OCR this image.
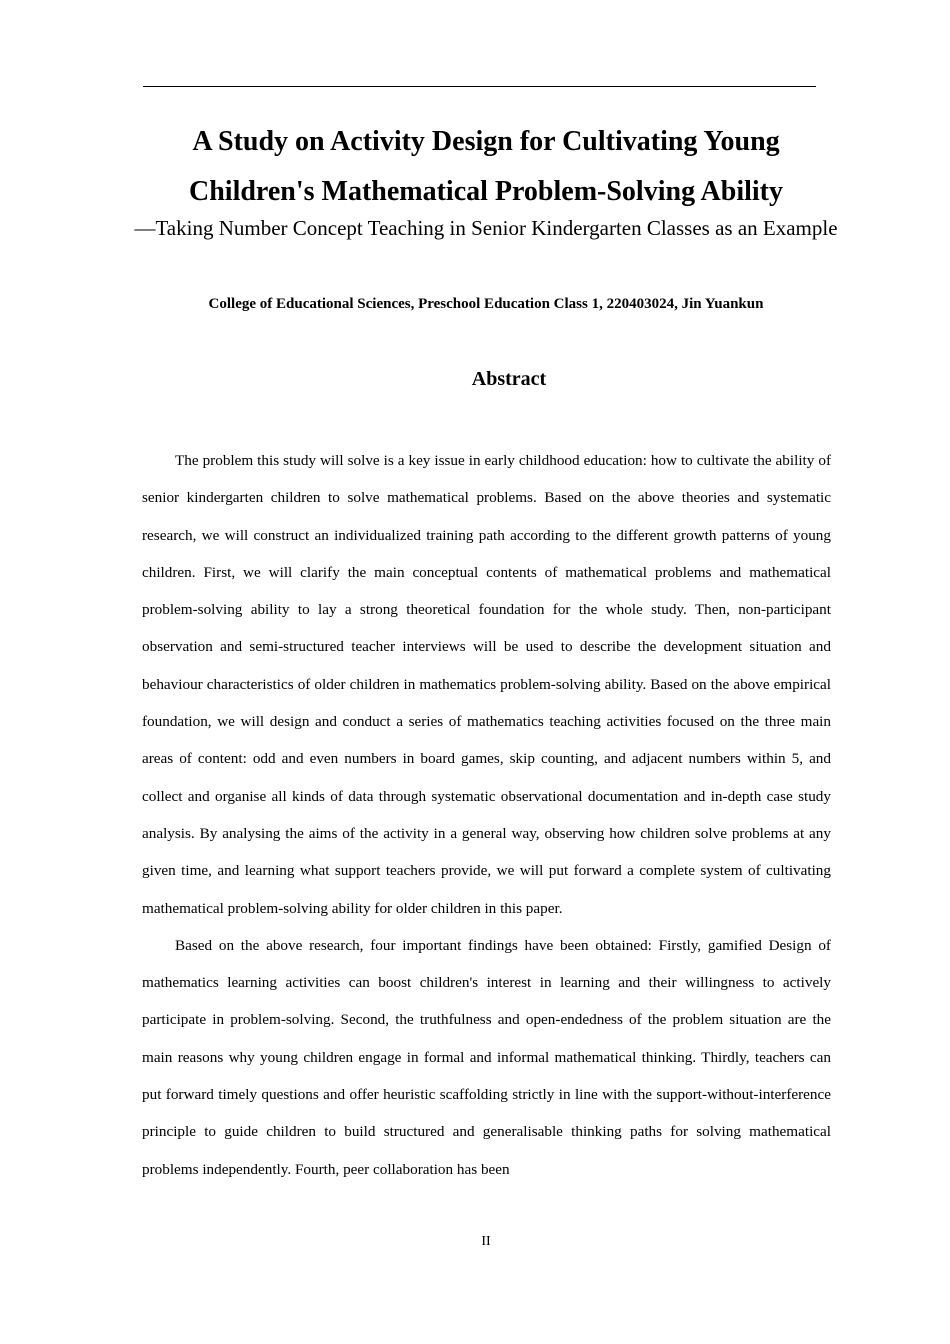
A Study on Activity Design for Cultivating Young Children's Mathematical Problem-Solving Ability

—Taking Number Concept Teaching in Senior Kindergarten Classes as an Example

College of Educational Sciences, Preschool Education Class 1, 220403024, Jin Yuankun

Abstract

The problem this study will solve is a key issue in early childhood education: how to cultivate the ability of senior kindergarten children to solve mathematical problems. Based on the above theories and systematic research, we will construct an individualized training path according to the different growth patterns of young children. First, we will clarify the main conceptual contents of mathematical problems and mathematical problem-solving ability to lay a strong theoretical foundation for the whole study. Then, non-participant observation and semi-structured teacher interviews will be used to describe the development situation and behaviour characteristics of older children in mathematics problem-solving ability. Based on the above empirical foundation, we will design and conduct a series of mathematics teaching activities focused on the three main areas of content: odd and even numbers in board games, skip counting, and adjacent numbers within 5, and collect and organise all kinds of data through systematic observational documentation and in-depth case study analysis. By analysing the aims of the activity in a general way, observing how children solve problems at any given time, and learning what support teachers provide, we will put forward a complete system of cultivating mathematical problem-solving ability for older children in this paper.

Based on the above research, four important findings have been obtained: Firstly, gamified Design of mathematics learning activities can boost children's interest in learning and their willingness to actively participate in problem-solving. Second, the truthfulness and open-endedness of the problem situation are the main reasons why young children engage in formal and informal mathematical thinking. Thirdly, teachers can put forward timely questions and offer heuristic scaffolding strictly in line with the support-without-interference principle to guide children to build structured and generalisable thinking paths for solving mathematical problems independently. Fourth, peer collaboration has been

II
